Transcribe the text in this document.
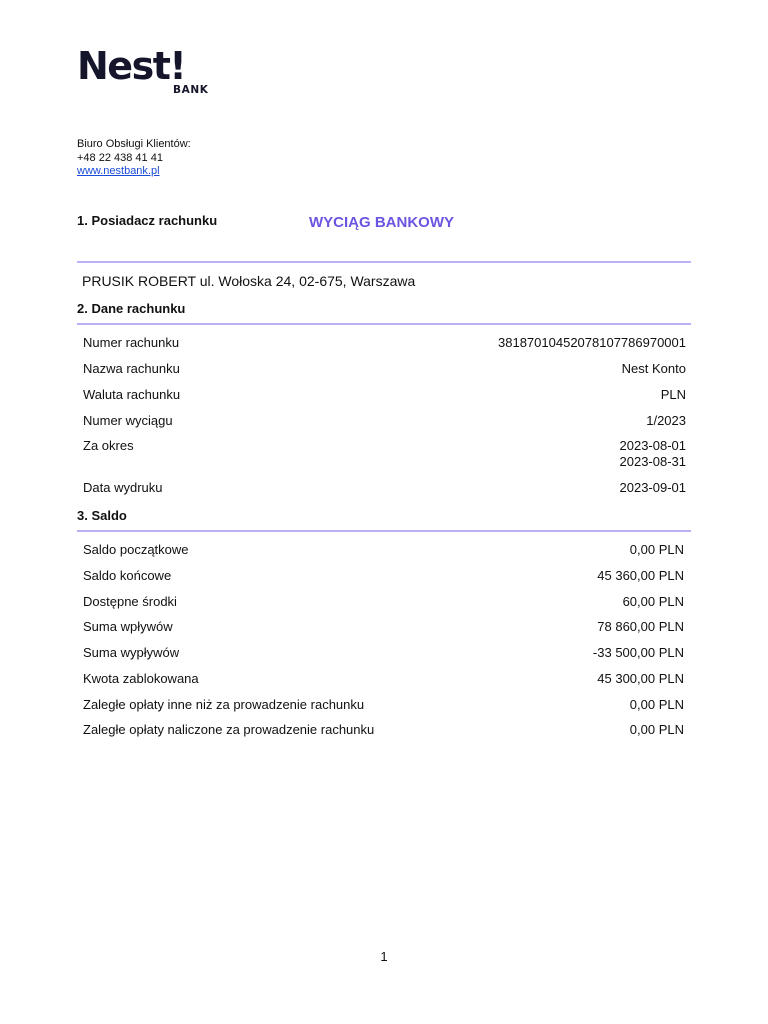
Nest!
BANK
Biuro Obsługi Klientów:
+48 22 438 41 41
www.nestbank.pl
1. Posiadacz rachunku	WYCIĄG BANKOWY
PRUSIK ROBERT ul. Wołoska 24, 02-675, Warszawa
2. Dane rachunku
Numer rachunku	38187010452078107786970001
Nazwa rachunku	Nest Konto
Waluta rachunku	PLN
Numer wyciągu	1/2023
Za okres	2023-08-01
2023-08-31
Data wydruku	2023-09-01
3. Saldo
Saldo początkowe	0,00 PLN
Saldo końcowe	45 360,00 PLN
Dostępne środki	60,00 PLN
Suma wpływów	78 860,00 PLN
Suma wypływów	-33 500,00 PLN
Kwota zablokowana	45 300,00 PLN
Zaległe opłaty inne niż za prowadzenie rachunku	0,00 PLN
Zaległe opłaty naliczone za prowadzenie rachunku	0,00 PLN
1
